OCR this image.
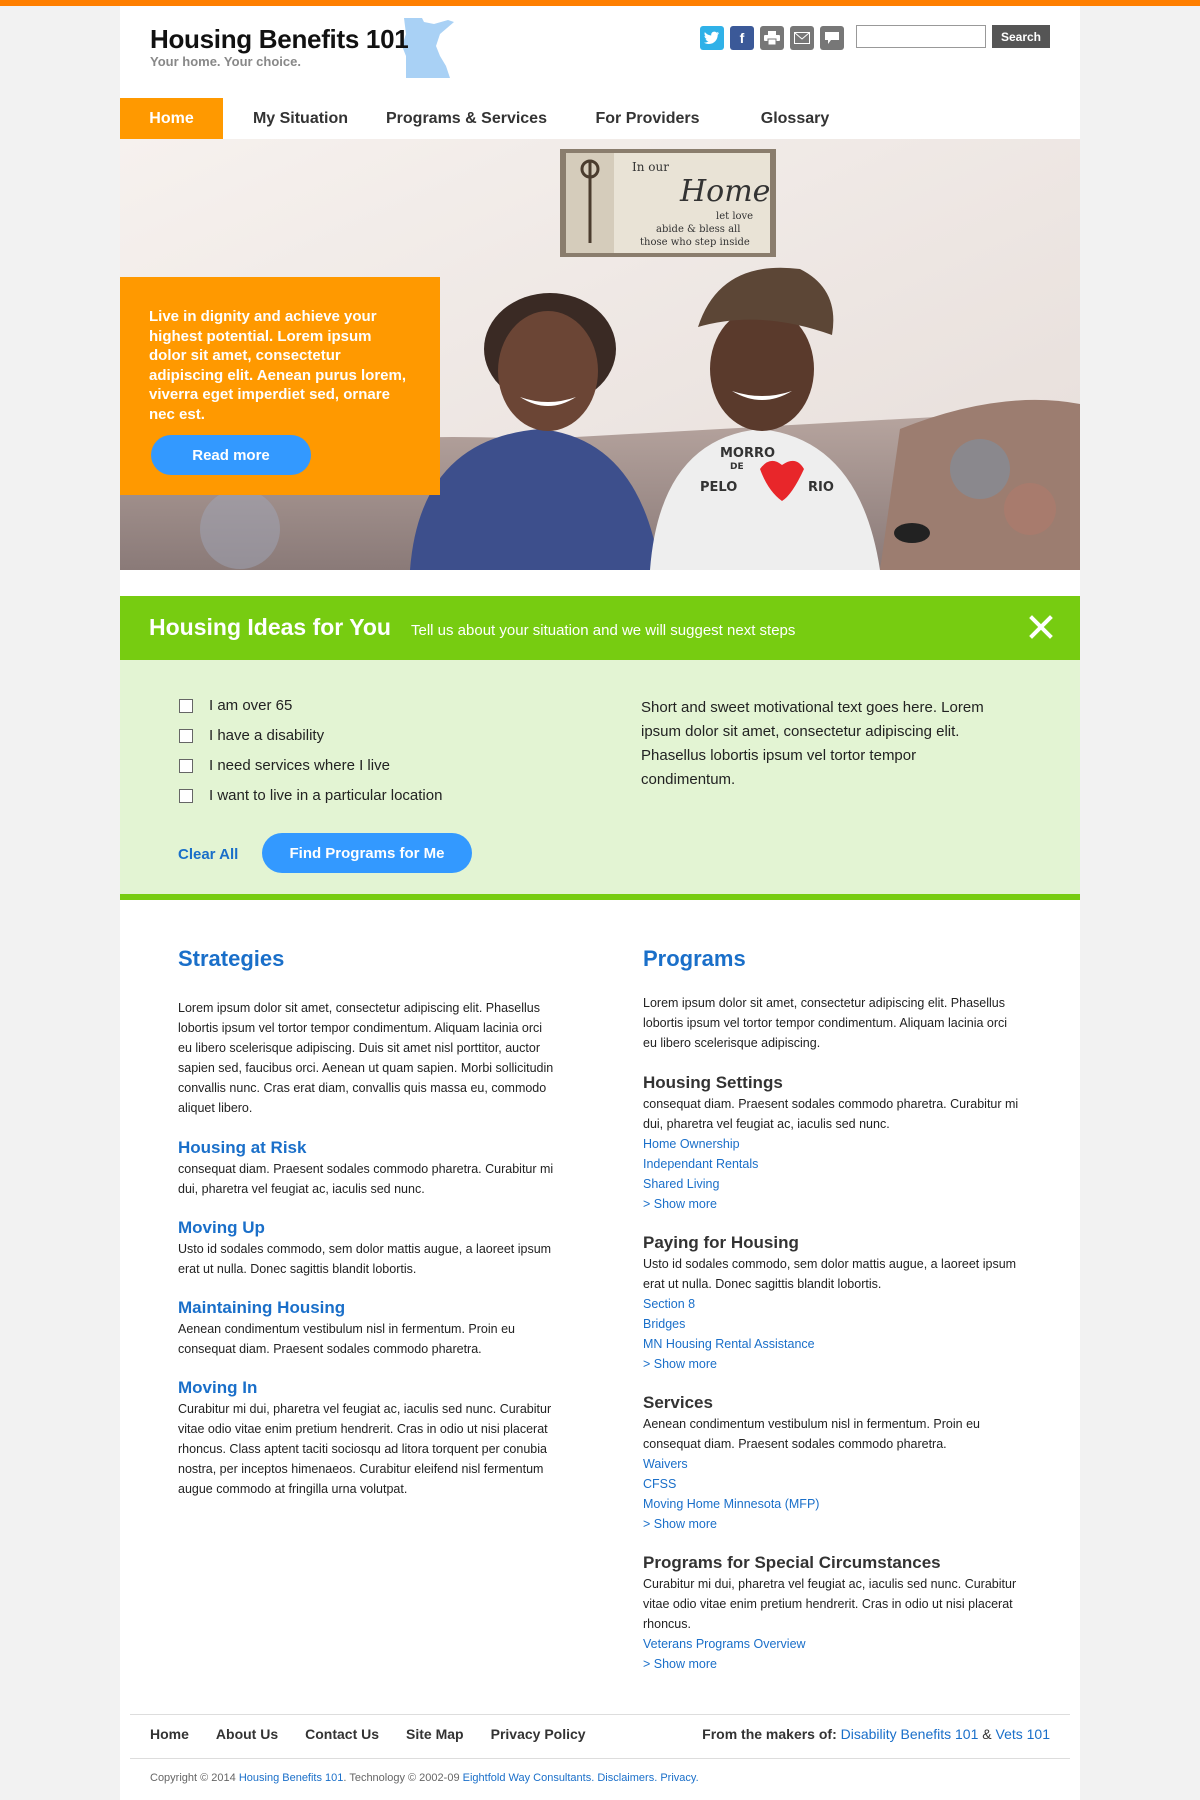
Housing Benefits 101
Your home. Your choice.
f	Search
Home	My Situation	Programs & Services	For Providers	Glossary
In our
Home
let love
abide & bless all
those who step inside
MORRO
DE
PELO	RIO
Live in dignity and achieve your highest potential. Lorem ipsum dolor sit amet, consectetur adipiscing elit. Aenean purus lorem, viverra eget imperdiet sed, ornare nec est.
Read more
Housing Ideas for You Tell us about your situation and we will suggest next steps
I am over 65
I have a disability
I need services where I live
I want to live in a particular location
Clear All	Find Programs for Me
Short and sweet motivational text goes here. Lorem ipsum dolor sit amet, consectetur adipiscing elit. Phasellus lobortis ipsum vel tortor tempor condimentum.
Strategies
Lorem ipsum dolor sit amet, consectetur adipiscing elit. Phasellus lobortis ipsum vel tortor tempor condimentum. Aliquam lacinia orci eu libero scelerisque adipiscing. Duis sit amet nisl porttitor, auctor sapien sed, faucibus orci. Aenean ut quam sapien. Morbi sollicitudin convallis nunc. Cras erat diam, convallis quis massa eu, commodo aliquet libero.
Housing at Risk
consequat diam. Praesent sodales commodo pharetra. Curabitur mi dui, pharetra vel feugiat ac, iaculis sed nunc.
Moving Up
Usto id sodales commodo, sem dolor mattis augue, a laoreet ipsum erat ut nulla. Donec sagittis blandit lobortis.
Maintaining Housing
Aenean condimentum vestibulum nisl in fermentum. Proin eu consequat diam. Praesent sodales commodo pharetra.
Moving In
Curabitur mi dui, pharetra vel feugiat ac, iaculis sed nunc. Curabitur vitae odio vitae enim pretium hendrerit. Cras in odio ut nisi placerat rhoncus. Class aptent taciti sociosqu ad litora torquent per conubia nostra, per inceptos himenaeos. Curabitur eleifend nisl fermentum augue commodo at fringilla urna volutpat.
Programs
Lorem ipsum dolor sit amet, consectetur adipiscing elit. Phasellus lobortis ipsum vel tortor tempor condimentum. Aliquam lacinia orci eu libero scelerisque adipiscing.
Housing Settings
consequat diam. Praesent sodales commodo pharetra. Curabitur mi dui, pharetra vel feugiat ac, iaculis sed nunc.
Home Ownership
Independant Rentals
Shared Living
> Show more
Paying for Housing
Usto id sodales commodo, sem dolor mattis augue, a laoreet ipsum erat ut nulla. Donec sagittis blandit lobortis.
Section 8
Bridges
MN Housing Rental Assistance
> Show more
Services
Aenean condimentum vestibulum nisl in fermentum. Proin eu consequat diam. Praesent sodales commodo pharetra.
Waivers
CFSS
Moving Home Minnesota (MFP)
> Show more
Programs for Special Circumstances
Curabitur mi dui, pharetra vel feugiat ac, iaculis sed nunc. Curabitur vitae odio vitae enim pretium hendrerit. Cras in odio ut nisi placerat rhoncus.
Veterans Programs Overview
> Show more
Home About Us Contact Us Site Map Privacy Policy	From the makers of: Disability Benefits 101 & Vets 101
Copyright © 2014 Housing Benefits 101. Technology © 2002-09 Eightfold Way Consultants. Disclaimers. Privacy.
